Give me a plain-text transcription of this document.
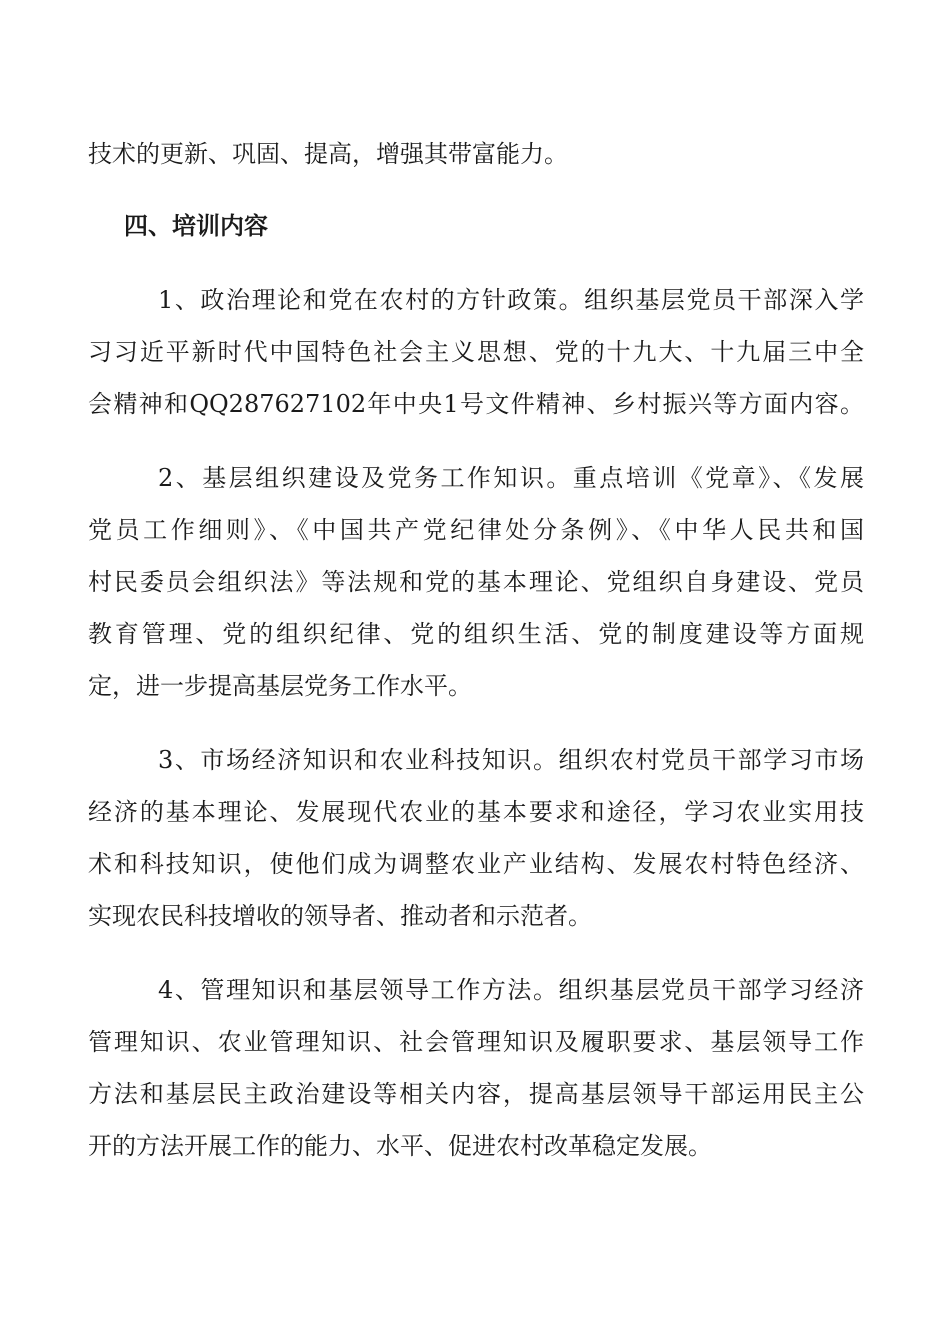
技术的更新、巩固、提高，增强其带富能力。
四、培训内容
1、政治理论和党在农村的方针政策。组织基层党员干部深入学
习习近平新时代中国特色社会主义思想、党的十九大、十九届三中全
会精神和QQ287627102年中央1号文件精神、乡村振兴等方面内容。
2、基层组织建设及党务工作知识。重点培训《党章》、《发展
党员工作细则》、《中国共产党纪律处分条例》、《中华人民共和国
村民委员会组织法》等法规和党的基本理论、党组织自身建设、党员
教育管理、党的组织纪律、党的组织生活、党的制度建设等方面规
定，进一步提高基层党务工作水平。
3、市场经济知识和农业科技知识。组织农村党员干部学习市场
经济的基本理论、发展现代农业的基本要求和途径，学习农业实用技
术和科技知识，使他们成为调整农业产业结构、发展农村特色经济、
实现农民科技增收的领导者、推动者和示范者。
4、管理知识和基层领导工作方法。组织基层党员干部学习经济
管理知识、农业管理知识、社会管理知识及履职要求、基层领导工作
方法和基层民主政治建设等相关内容，提高基层领导干部运用民主公
开的方法开展工作的能力、水平、促进农村改革稳定发展。
